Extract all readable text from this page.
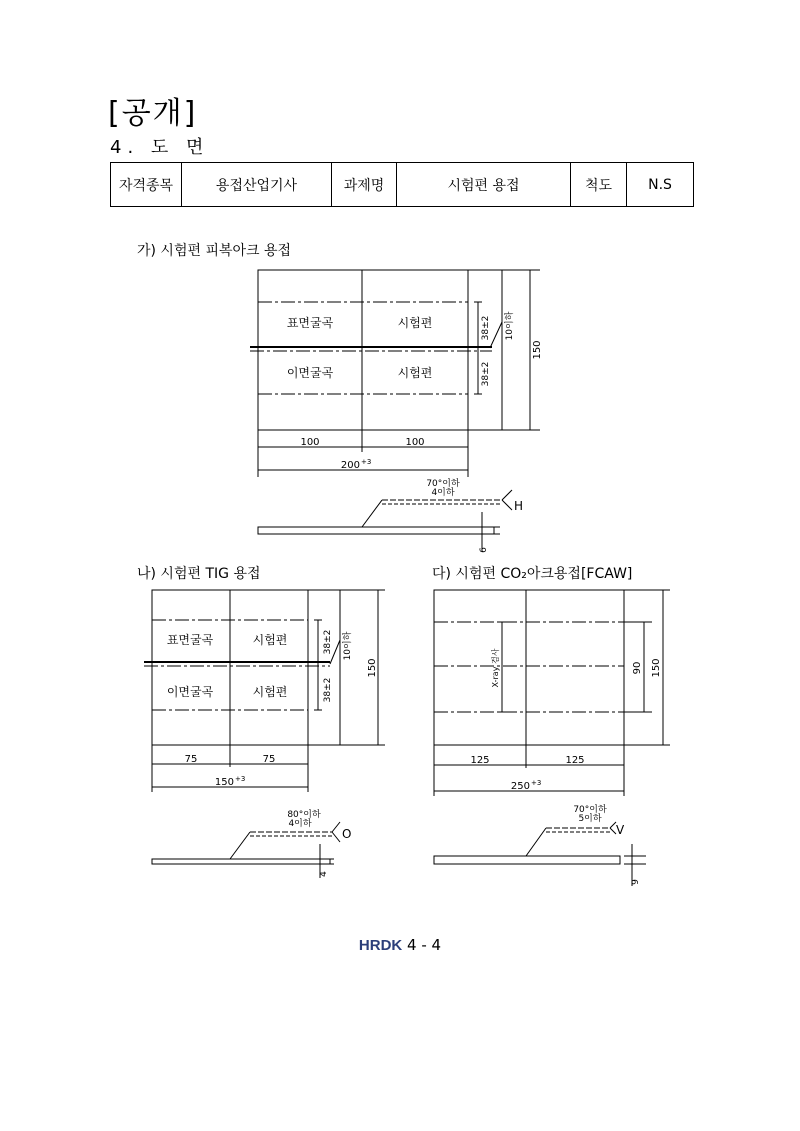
[공개]
4. 도 면
자격종목	용접산업기사	과제명	시험편 용접	척도	N.S
가) 시험편 피복아크 용접
나) 시험편 TIG 용접	다) 시험편 CO₂아크용접[FCAW]
표면굴곡	시험편
이면굴곡	시험편
38±2
38±2
10이하
150
100	100
200 +3
70°이하
4이하
H
6
표면굴곡	시험편
이면굴곡	시험편
38±2
38±2
10이하
150
75	75
150 +3
80°이하
4이하
O
4
X-ray 검사	90 150
125	125
250 +3
70°이하
5이하
V
9
HRDK 4 - 4
